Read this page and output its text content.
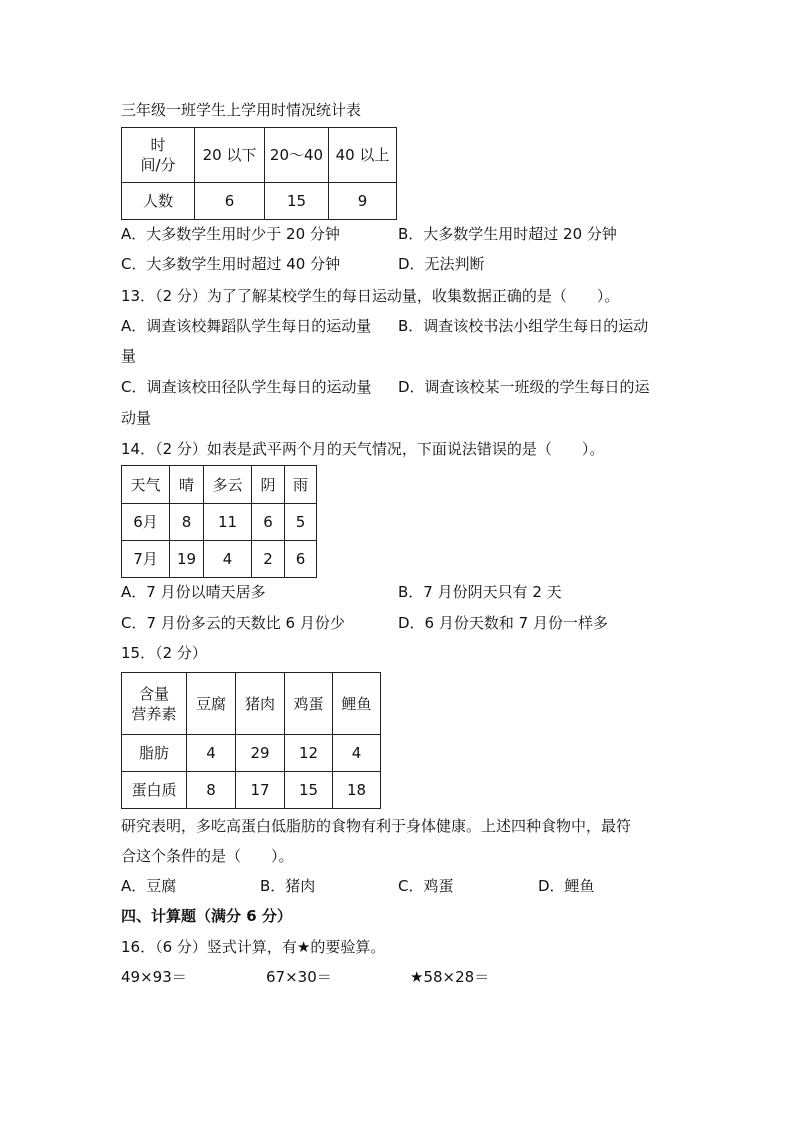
三年级一班学生上学用时情况统计表
时
间/分	20 以下	20～40	40 以上
人数	6	15	9
A．大多数学生用时少于 20 分钟	B．大多数学生用时超过 20 分钟
C．大多数学生用时超过 40 分钟	D．无法判断
13．（2 分）为了了解某校学生的每日运动量，收集数据正确的是（　　）。
A．调查该校舞蹈队学生每日的运动量 B．调查该校书法小组学生每日的运动
量
C．调查该校田径队学生每日的运动量 D．调查该校某一班级的学生每日的运
动量
14．（2 分）如表是武平两个月的天气情况，下面说法错误的是（　　）。
天气	晴	多云	阴	雨
6月	8	11	6	5
7月	19	4	2	6
A．7 月份以晴天居多	B．7 月份阴天只有 2 天
C．7 月份多云的天数比 6 月份少	D．6 月份天数和 7 月份一样多
15．（2 分）
含量
营养素	豆腐	猪肉	鸡蛋	鲤鱼
脂肪	4	29	12	4
蛋白质	8	17	15	18
研究表明，多吃高蛋白低脂肪的食物有利于身体健康。上述四种食物中，最符
合这个条件的是（　　）。
A．豆腐	B．猪肉	C．鸡蛋	D．鲤鱼
四、计算题（满分 6 分）
16．（6 分）竖式计算，有★的要验算。
49×93＝	67×30＝	★58×28＝
